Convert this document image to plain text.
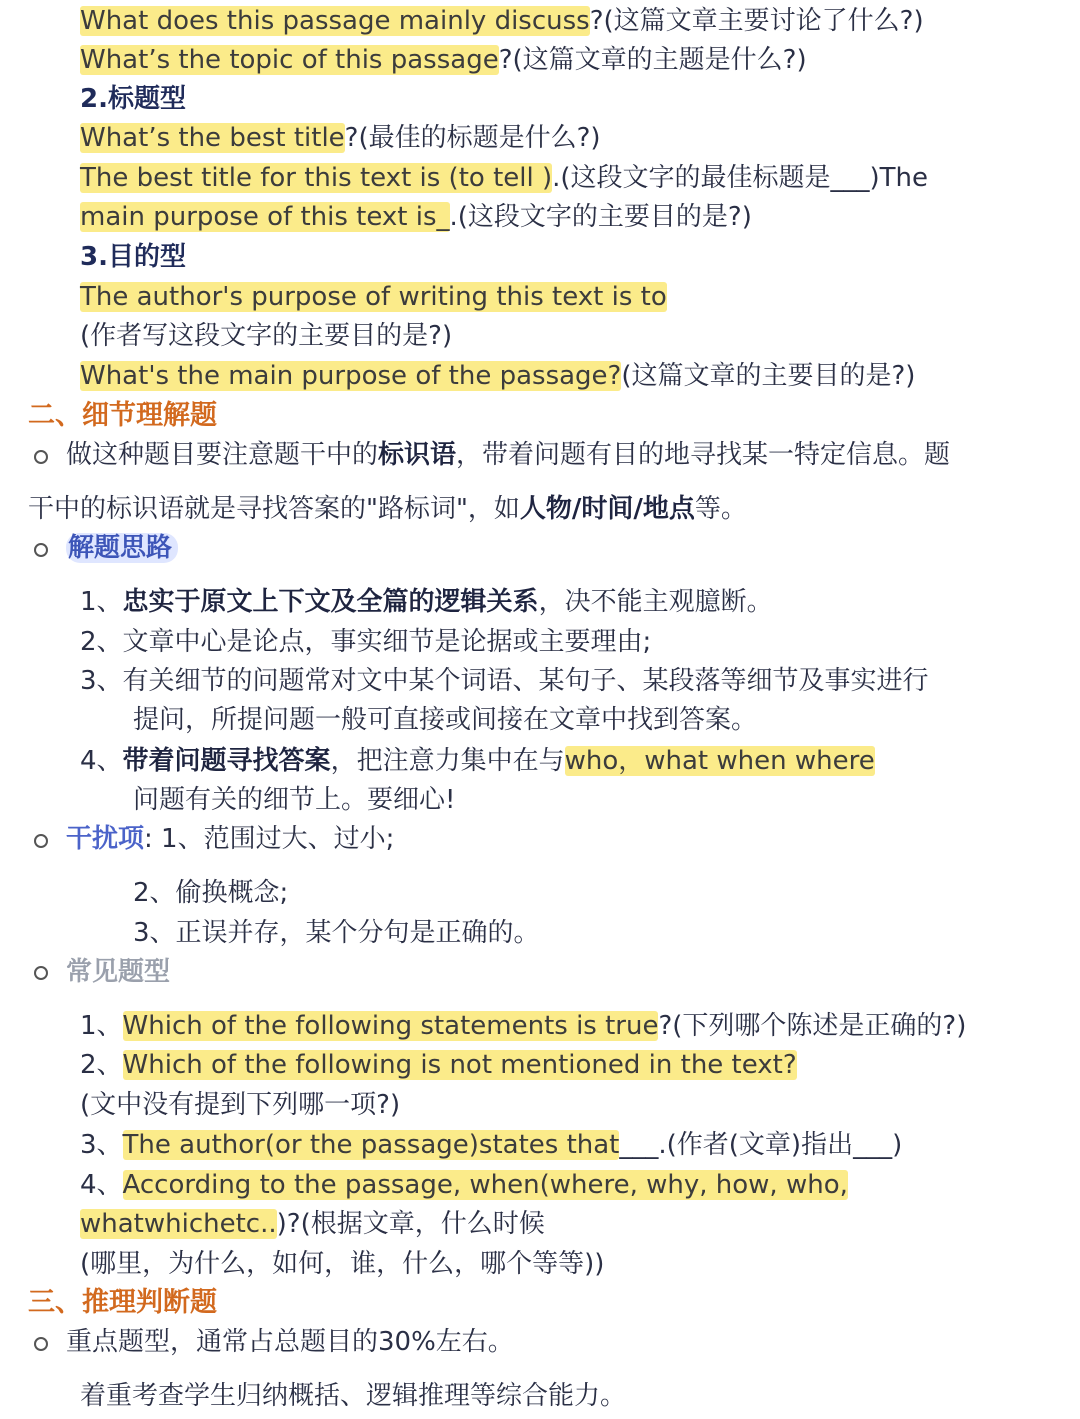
What does this passage mainly discuss?(这篇文章主要讨论了什么?)
What’s the topic of this passage?(这篇文章的主题是什么?)
2.标题型
What’s the best title?(最佳的标题是什么?)
The best title for this text is (to tell ).(这段文字的最佳标题是___)The
main purpose of this text is_.(这段文字的主要目的是?)
3.目的型
The author's purpose of writing this text is to
(作者写这段文字的主要目的是?)
What's the main purpose of the passage?(这篇文章的主要目的是?)
二、细节理解题
做这种题目要注意题干中的标识语，带着问题有目的地寻找某一特定信息。题
干中的标识语就是寻找答案的"路标词"，如人物/时间/地点等。
解题思路
1、忠实于原文上下文及全篇的逻辑关系，决不能主观臆断。
2、文章中心是论点，事实细节是论据或主要理由;
3、有关细节的问题常对文中某个词语、某句子、某段落等细节及事实进行
提问，所提问题一般可直接或间接在文章中找到答案。
4、带着问题寻找答案，把注意力集中在与who，what when where
问题有关的细节上。要细心!
干扰项: 1、范围过大、过小;
2、偷换概念;
3、正误并存，某个分句是正确的。
常见题型
1、Which of the following statements is true?(下列哪个陈述是正确的?)
2、Which of the following is not mentioned in the text?
(文中没有提到下列哪一项?)
3、The author(or the passage)states that___.(作者(文章)指出___)
4、According to the passage, when(where, why, how, who,
whatwhichetc..)?(根据文章，什么时候
(哪里，为什么，如何，谁，什么，哪个等等))
三、推理判断题
重点题型，通常占总题目的30%左右。
着重考查学生归纳概括、逻辑推理等综合能力。
